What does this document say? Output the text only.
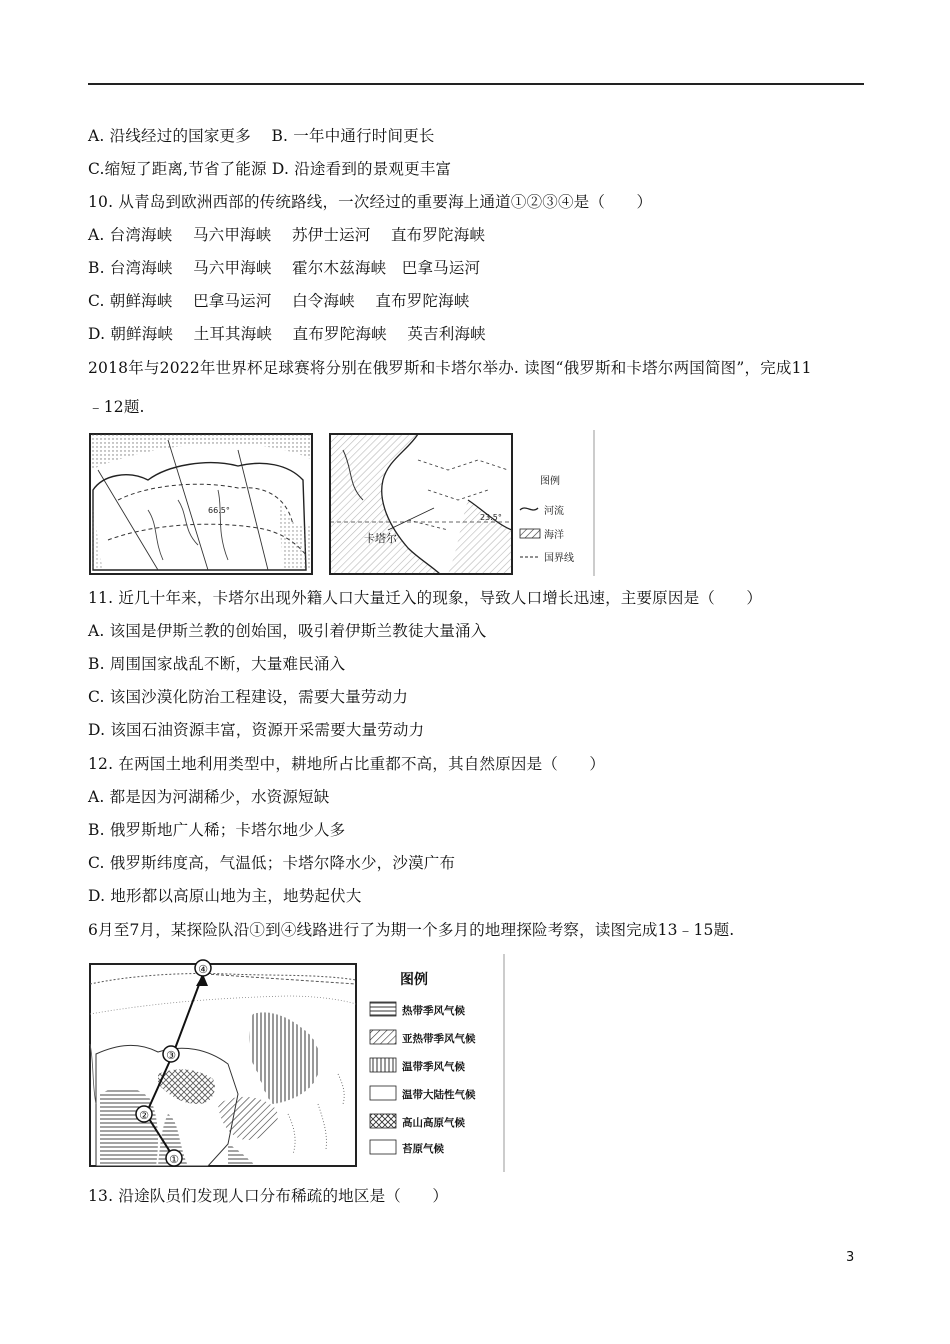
A. 沿线经过的国家更多    B. 一年中通行时间更长
C.缩短了距离,节省了能源 D. 沿途看到的景观更丰富
10. 从青岛到欧洲西部的传统路线，一次经过的重要海上通道①②③④是（　　）
A. 台湾海峡    马六甲海峡    苏伊士运河    直布罗陀海峡
B. 台湾海峡    马六甲海峡    霍尔木兹海峡   巴拿马运河
C. 朝鲜海峡    巴拿马运河    白令海峡    直布罗陀海峡
D. 朝鲜海峡    土耳其海峡    直布罗陀海峡    英吉利海峡
2018年与2022年世界杯足球赛将分别在俄罗斯和卡塔尔举办. 读图“俄罗斯和卡塔尔两国简图”，完成11
﹣12题.
66.5°
23.5°
卡塔尔
图例
河流
海洋
国界线
11. 近几十年来，卡塔尔出现外籍人口大量迁入的现象，导致人口增长迅速，主要原因是（　　）
A. 该国是伊斯兰教的创始国，吸引着伊斯兰教徒大量涌入
B. 周围国家战乱不断，大量难民涌入
C. 该国沙漠化防治工程建设，需要大量劳动力
D. 该国石油资源丰富，资源开采需要大量劳动力
12. 在两国土地利用类型中，耕地所占比重都不高，其自然原因是（　　）
A. 都是因为河湖稀少，水资源短缺
B. 俄罗斯地广人稀；卡塔尔地少人多
C. 俄罗斯纬度高，气温低；卡塔尔降水少，沙漠广布
D. 地形都以高原山地为主，地势起伏大
6月至7月，某探险队沿①到④线路进行了为期一个多月的地理探险考察，读图完成13﹣15题.
①
②
③
④
图例
热带季风气候
亚热带季风气候
温带季风气候
温带大陆性气候
高山高原气候
苔原气候
13. 沿途队员们发现人口分布稀疏的地区是（　　）
3
